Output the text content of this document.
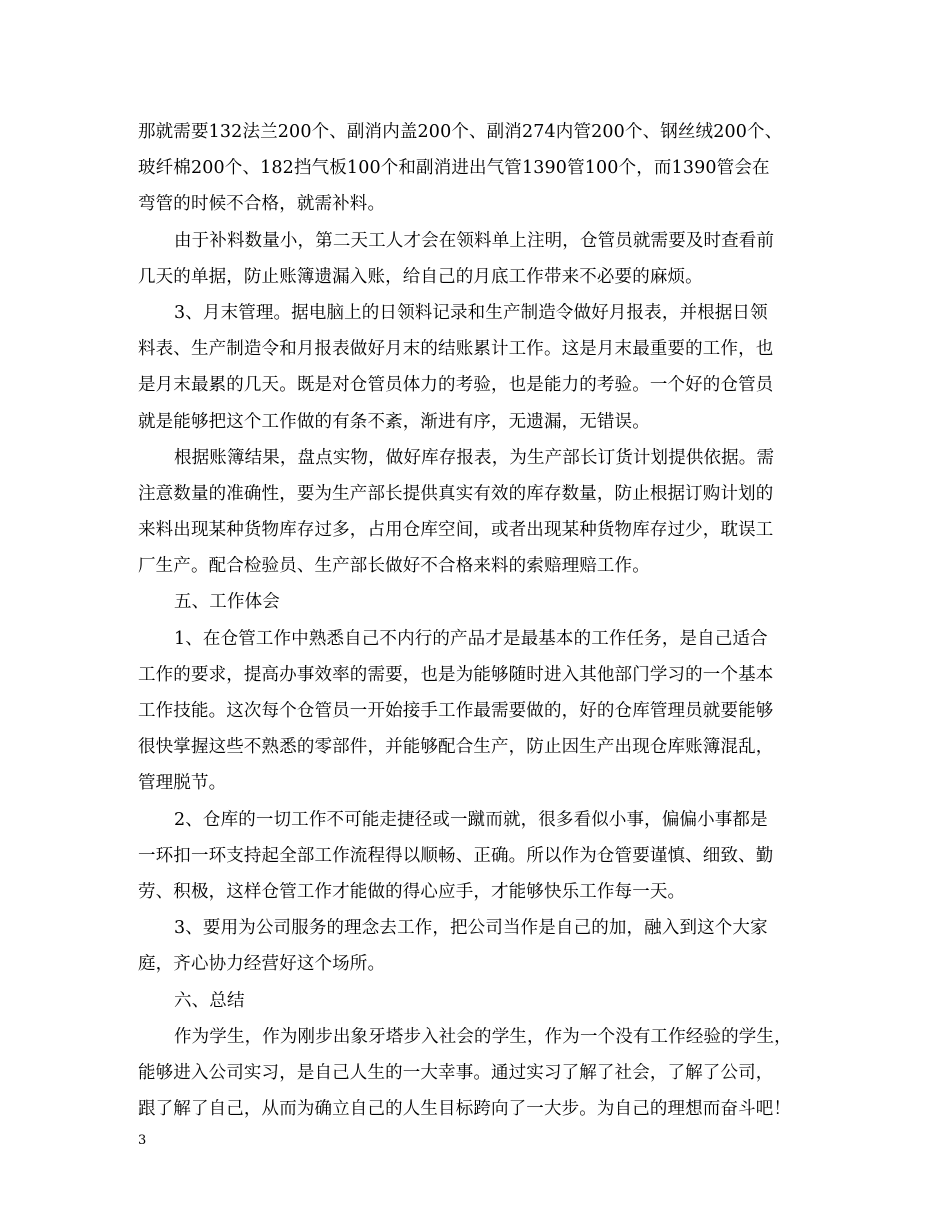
那就需要132法兰200个、副消内盖200个、副消274内管200个、钢丝绒200个、
玻纤棉200个、182挡气板100个和副消进出气管1390管100个，而1390管会在
弯管的时候不合格，就需补料。
由于补料数量小，第二天工人才会在领料单上注明，仓管员就需要及时查看前
几天的单据，防止账簿遗漏入账，给自己的月底工作带来不必要的麻烦。
3、月末管理。据电脑上的日领料记录和生产制造令做好月报表，并根据日领
料表、生产制造令和月报表做好月末的结账累计工作。这是月末最重要的工作，也
是月末最累的几天。既是对仓管员体力的考验，也是能力的考验。一个好的仓管员
就是能够把这个工作做的有条不紊，渐进有序，无遗漏，无错误。
根据账簿结果，盘点实物，做好库存报表，为生产部长订货计划提供依据。需
注意数量的准确性，要为生产部长提供真实有效的库存数量，防止根据订购计划的
来料出现某种货物库存过多，占用仓库空间，或者出现某种货物库存过少，耽误工
厂生产。配合检验员、生产部长做好不合格来料的索赔理赔工作。
五、工作体会
1、在仓管工作中熟悉自己不内行的产品才是最基本的工作任务，是自己适合
工作的要求，提高办事效率的需要，也是为能够随时进入其他部门学习的一个基本
工作技能。这次每个仓管员一开始接手工作最需要做的，好的仓库管理员就要能够
很快掌握这些不熟悉的零部件，并能够配合生产，防止因生产出现仓库账簿混乱，
管理脱节。
2、仓库的一切工作不可能走捷径或一蹴而就，很多看似小事，偏偏小事都是
一环扣一环支持起全部工作流程得以顺畅、正确。所以作为仓管要谨慎、细致、勤
劳、积极，这样仓管工作才能做的得心应手，才能够快乐工作每一天。
3、要用为公司服务的理念去工作，把公司当作是自己的加，融入到这个大家
庭，齐心协力经营好这个场所。
六、总结
作为学生，作为刚步出象牙塔步入社会的学生，作为一个没有工作经验的学生，
能够进入公司实习，是自己人生的一大幸事。通过实习了解了社会，了解了公司，
跟了解了自己，从而为确立自己的人生目标跨向了一大步。为自己的理想而奋斗吧！
3
